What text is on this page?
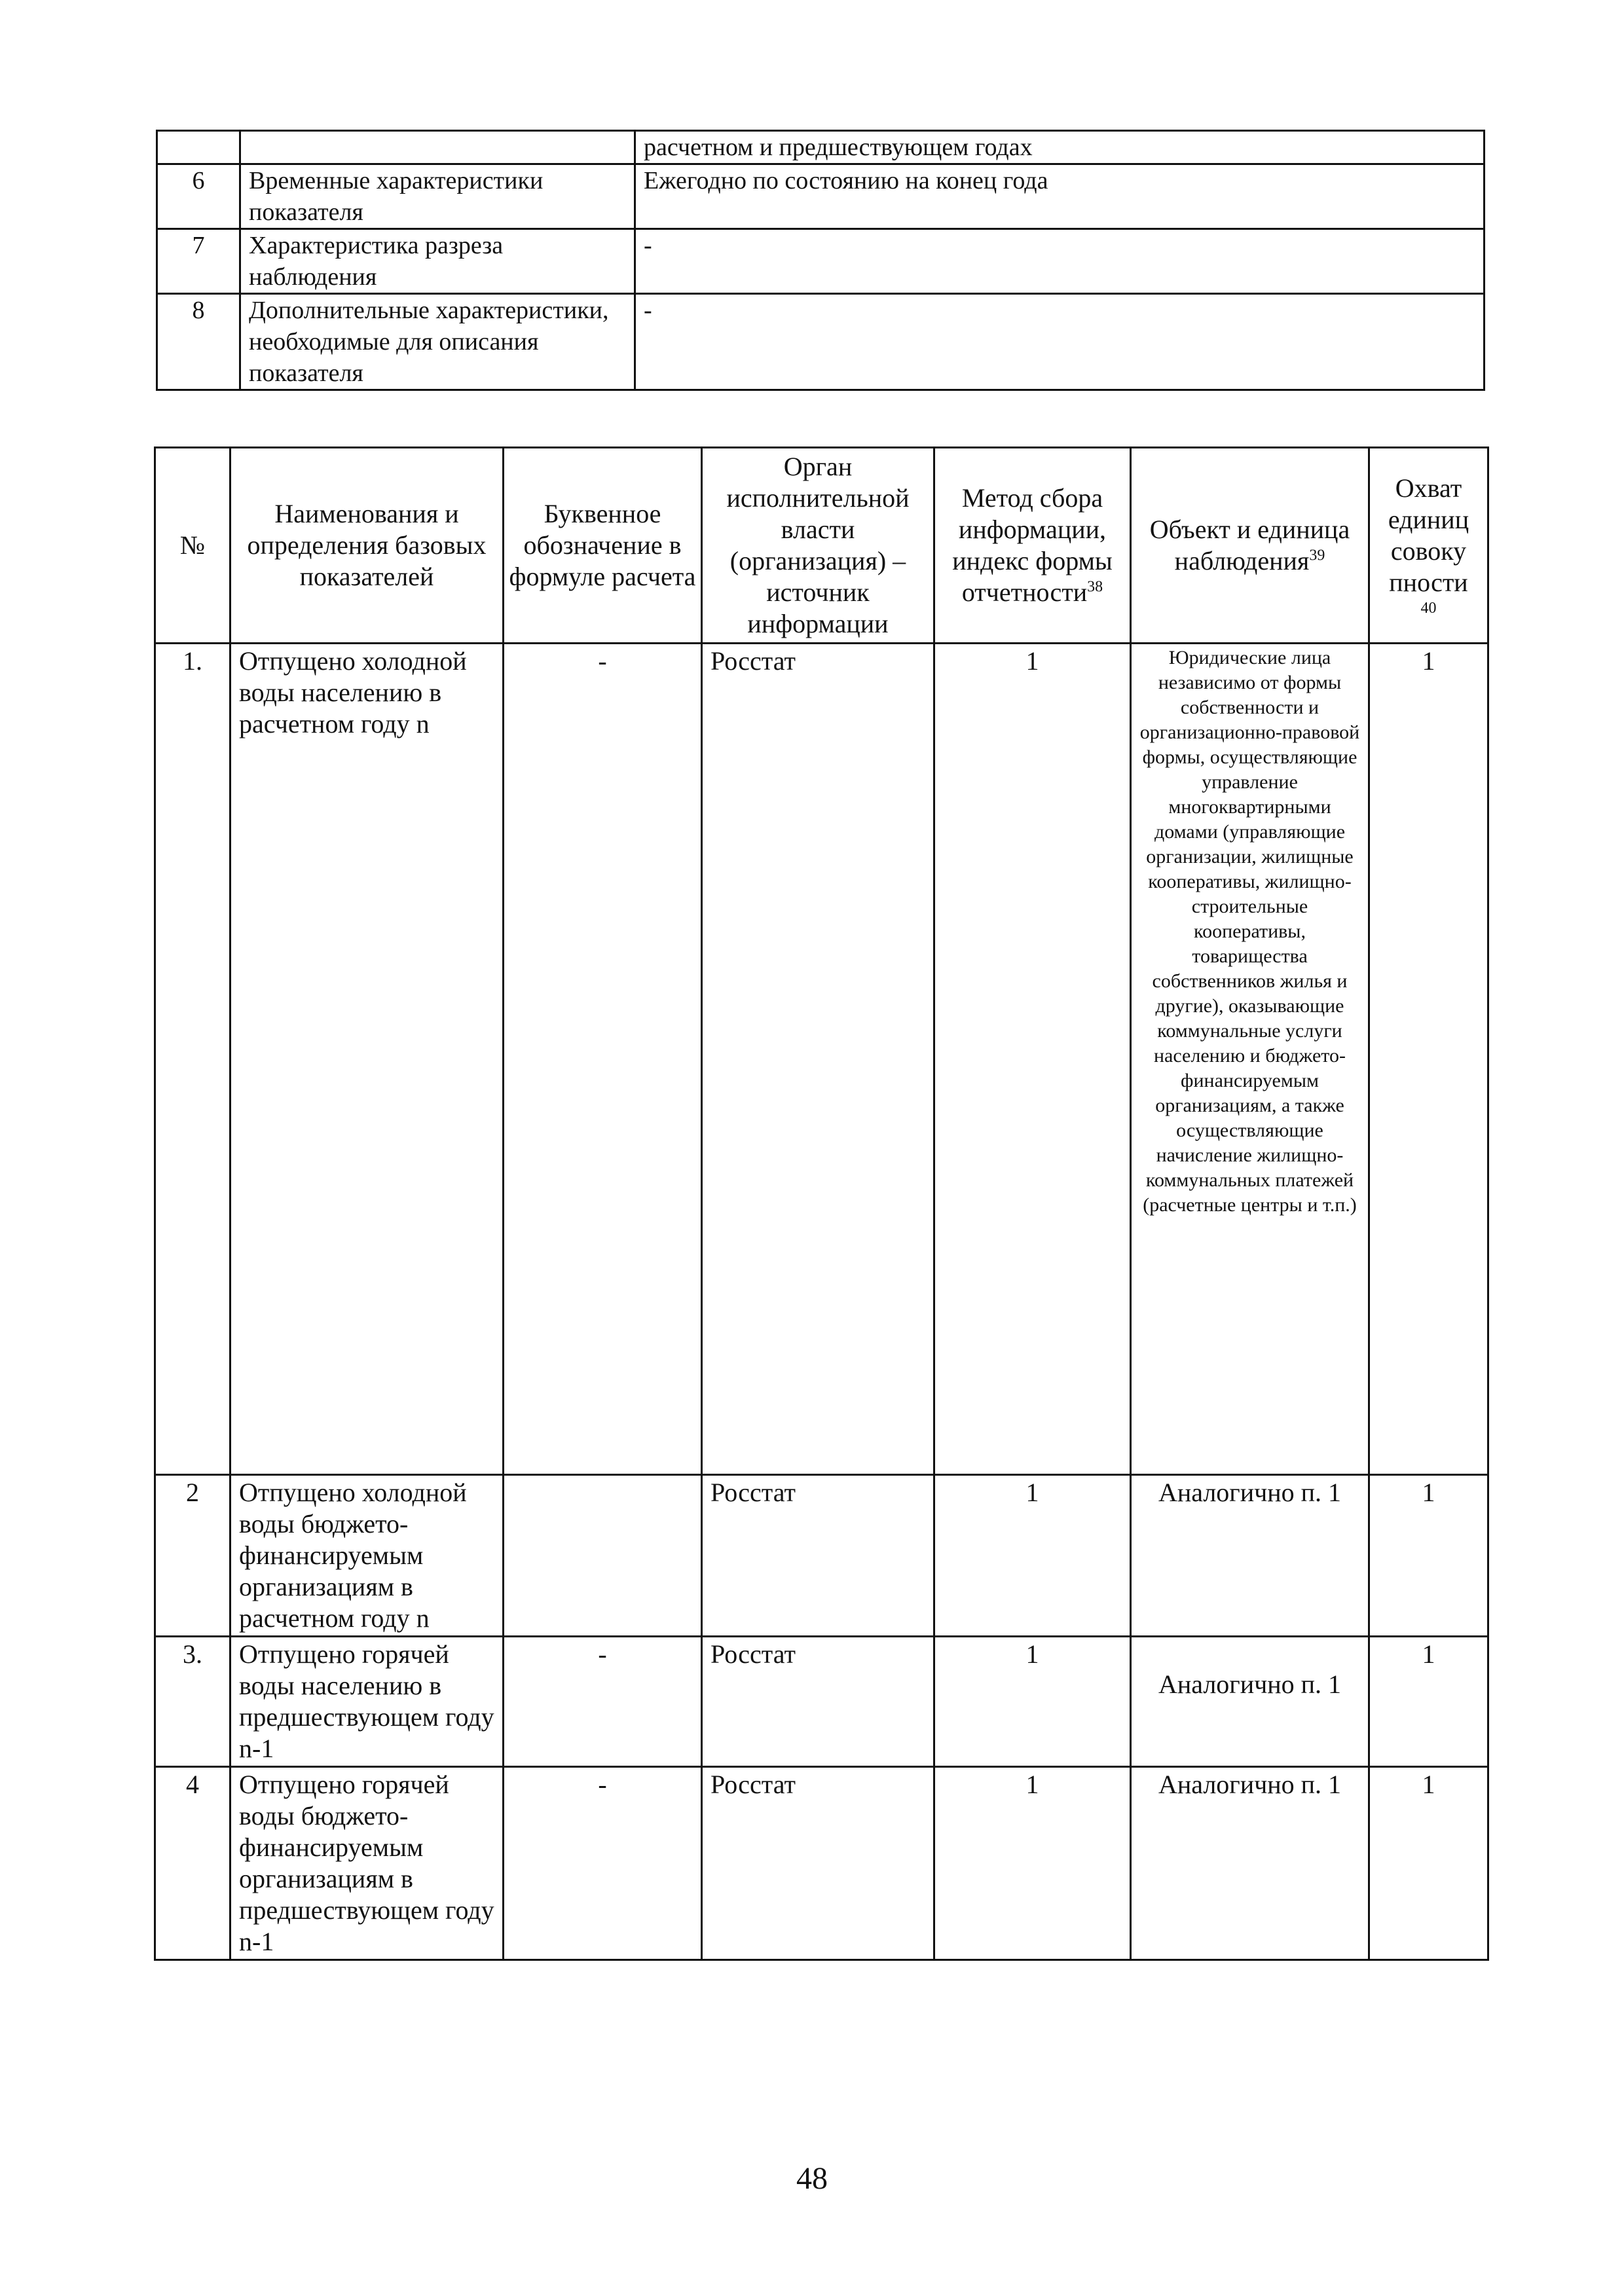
		расчетном и предшествующем годах
6	Временные характеристики показателя	Ежегодно по состоянию на конец года
7	Характеристика разреза наблюдения	-
8	Дополнительные характеристики, необходимые для описания показателя	-
№	Наименования и определения базовых показателей	Буквенное обозначение в формуле расчета	Орган исполнительной власти (организация) – источник информации	Метод сбора информации, индекс формы отчетности$^{38}$	Объект и единица наблюдения$^{39}$	Охват единиц совоку пности
40

1.	Отпущено холодной воды населению в расчетном году n	-	Росстат	1	Юридические лица независимо от формы собственности и организационно-правовой формы, осуществляющие управление многоквартирными домами (управляющие организации, жилищные кооперативы, жилищно-строительные кооперативы, товарищества собственников жилья и другие), оказывающие коммунальные услуги населению и бюджето-финансируемым организациям, а также осуществляющие начисление жилищно-коммунальных платежей (расчетные центры и т.п.)	1
2	Отпущено холодной воды бюджето-финансируемым организациям в расчетном году n		Росстат	1	Аналогично п. 1	1
3.	Отпущено горячей воды населению в предшествующем году n-1	-	Росстат	1	Аналогично п. 1	1
4	Отпущено горячей воды бюджето-финансируемым организациям в предшествующем году n-1	-	Росстат	1	Аналогично п. 1	1
48
